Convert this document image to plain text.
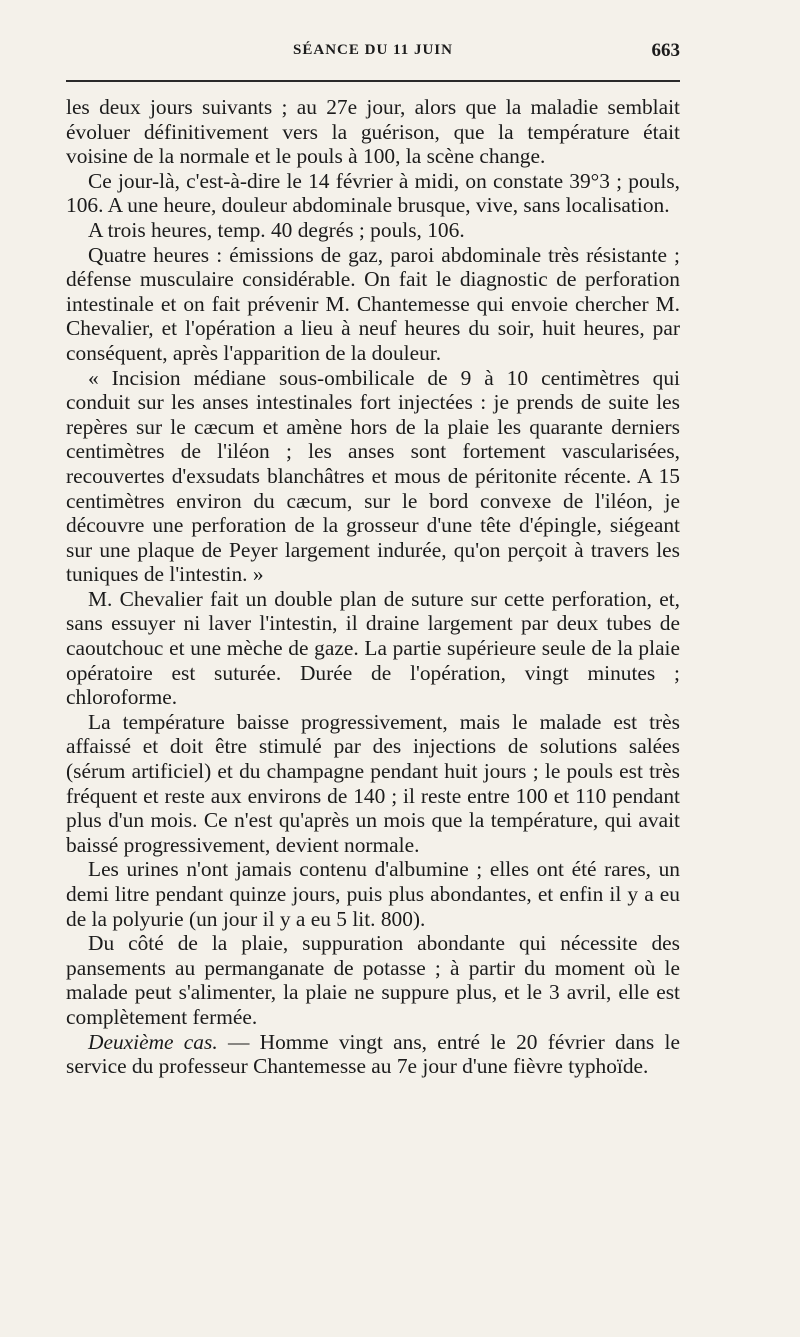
SÉANCE DU 11 JUIN	663

les deux jours suivants ; au 27e jour, alors que la maladie semblait évoluer définitivement vers la guérison, que la température était voisine de la normale et le pouls à 100, la scène change.

Ce jour-là, c'est-à-dire le 14 février à midi, on constate 39°3 ; pouls, 106. A une heure, douleur abdominale brusque, vive, sans localisation.

A trois heures, temp. 40 degrés ; pouls, 106.

Quatre heures : émissions de gaz, paroi abdominale très résistante ; défense musculaire considérable. On fait le diagnostic de perforation intestinale et on fait prévenir M. Chantemesse qui envoie chercher M. Chevalier, et l'opération a lieu à neuf heures du soir, huit heures, par conséquent, après l'apparition de la douleur.

« Incision médiane sous-ombilicale de 9 à 10 centimètres qui conduit sur les anses intestinales fort injectées : je prends de suite les repères sur le cæcum et amène hors de la plaie les quarante derniers centimètres de l'iléon ; les anses sont fortement vascularisées, recouvertes d'exsudats blanchâtres et mous de péritonite récente. A 15 centimètres environ du cæcum, sur le bord convexe de l'iléon, je découvre une perforation de la grosseur d'une tête d'épingle, siégeant sur une plaque de Peyer largement indurée, qu'on perçoit à travers les tuniques de l'intestin. »

M. Chevalier fait un double plan de suture sur cette perforation, et, sans essuyer ni laver l'intestin, il draine largement par deux tubes de caoutchouc et une mèche de gaze. La partie supérieure seule de la plaie opératoire est suturée. Durée de l'opération, vingt minutes ; chloroforme.

La température baisse progressivement, mais le malade est très affaissé et doit être stimulé par des injections de solutions salées (sérum artificiel) et du champagne pendant huit jours ; le pouls est très fréquent et reste aux environs de 140 ; il reste entre 100 et 110 pendant plus d'un mois. Ce n'est qu'après un mois que la température, qui avait baissé progressivement, devient normale.

Les urines n'ont jamais contenu d'albumine ; elles ont été rares, un demi litre pendant quinze jours, puis plus abondantes, et enfin il y a eu de la polyurie (un jour il y a eu 5 lit. 800).

Du côté de la plaie, suppuration abondante qui nécessite des pansements au permanganate de potasse ; à partir du moment où le malade peut s'alimenter, la plaie ne suppure plus, et le 3 avril, elle est complètement fermée.

Deuxième cas. — Homme vingt ans, entré le 20 février dans le service du professeur Chantemesse au 7e jour d'une fièvre typhoïde.
